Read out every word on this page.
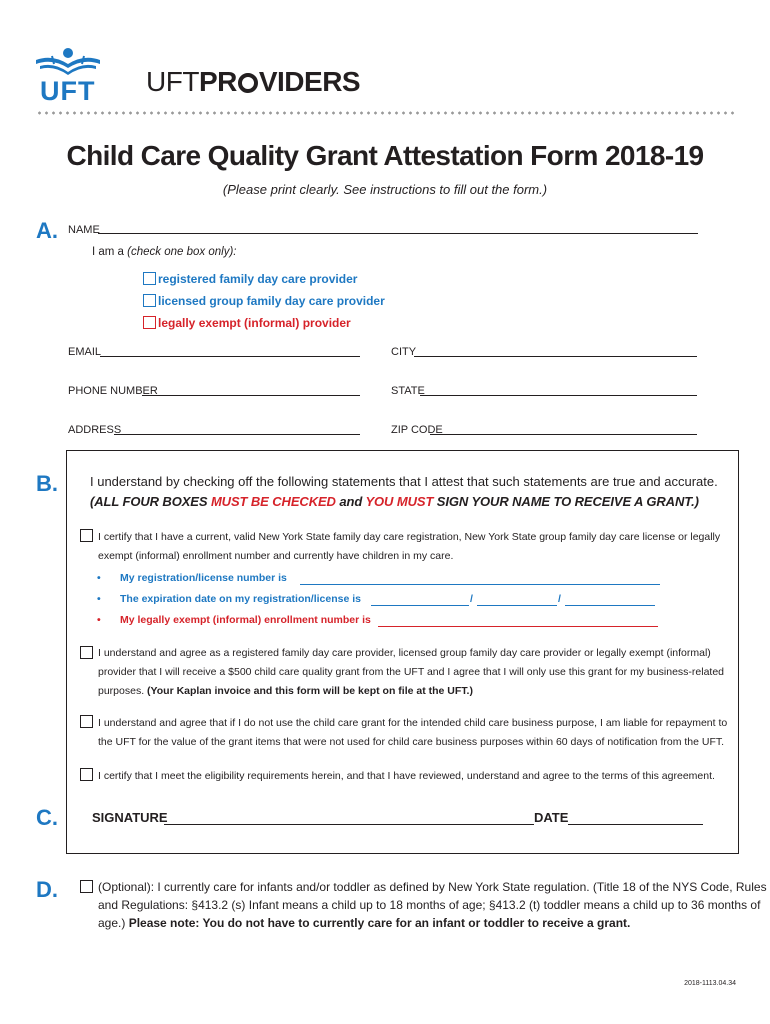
UFT UFTPR VIDERS
Child Care Quality Grant Attestation Form 2018-19
(Please print clearly. See instructions to fill out the form.)
A. NAME
I am a (check one box only):
registered family day care provider
licensed group family day care provider
legally exempt (informal) provider
EMAIL	CITY
PHONE NUMBER	STATE
ADDRESS	ZIP CODE
B. I understand by checking off the following statements that I attest that such statements are true and accurate.
(ALL FOUR BOXES MUST BE CHECKED and YOU MUST SIGN YOUR NAME TO RECEIVE A GRANT.)
I certify that I have a current, valid New York State family day care registration, New York State group family day care license or legally
exempt (informal) enrollment number and currently have children in my care.
• My registration/license number is
• The expiration date on my registration/license is	/	/
• My legally exempt (informal) enrollment number is
I understand and agree as a registered family day care provider, licensed group family day care provider or legally exempt (informal)
provider that I will receive a $500 child care quality grant from the UFT and I agree that I will only use this grant for my business-related
purposes. (Your Kaplan invoice and this form will be kept on file at the UFT.)
I understand and agree that if I do not use the child care grant for the intended child care business purpose, I am liable for repayment to
the UFT for the value of the grant items that were not used for child care business purposes within 60 days of notification from the UFT.
I certify that I meet the eligibility requirements herein, and that I have reviewed, understand and agree to the terms of this agreement.
C.	SIGNATURE	DATE
D.	(Optional): I currently care for infants and/or toddler as defined by New York State regulation. (Title 18 of the NYS Code, Rules
and Regulations: §413.2 (s) Infant means a child up to 18 months of age; §413.2 (t) toddler means a child up to 36 months of
age.) Please note: You do not have to currently care for an infant or toddler to receive a grant.
2018-1113.04.34
